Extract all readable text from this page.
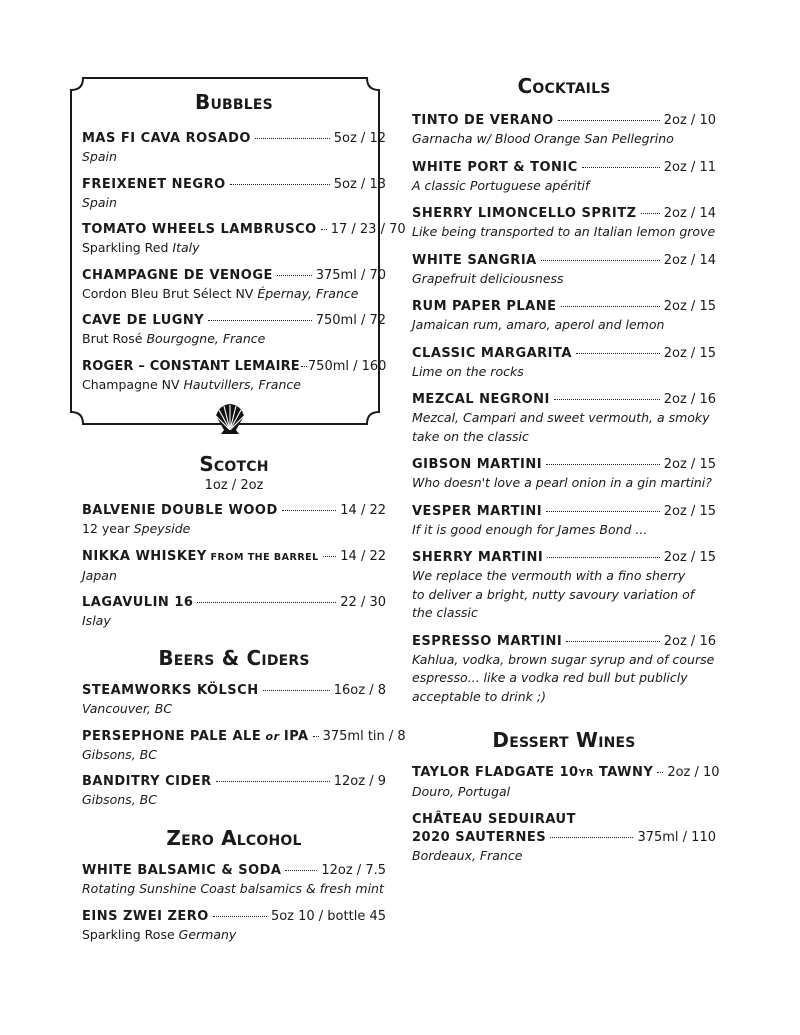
Bubbles
MAS FI CAVA ROSADO	5oz / 12
Spain
FREIXENET NEGRO	5oz / 13
Spain
TOMATO WHEELS LAMBRUSCO 17 / 23 / 70
Sparkling Red Italy
CHAMPAGNE DE VENOGE	375ml / 70
Cordon Bleu Brut Sélect NV Épernay, France
CAVE DE LUGNY	750ml / 72
Brut Rosé Bourgogne, France
ROGER – CONSTANT LEMAIRE 750ml / 160
Champagne NV Hautvillers, France
Scotch
1oz / 2oz
BALVENIE DOUBLE WOOD	14 / 22
12 year Speyside
NIKKA WHISKEY FROM THE BARREL 14 / 22
Japan
LAGAVULIN 16	22 / 30
Islay
Beers & Ciders
STEAMWORKS KÖLSCH	16oz / 8
Vancouver, BC
PERSEPHONE PALE ALE or IPA 375ml tin / 8
Gibsons, BC
BANDITRY CIDER	12oz / 9
Gibsons, BC
Zero Alcohol
WHITE BALSAMIC & SODA	12oz / 7.5
Rotating Sunshine Coast balsamics & fresh mint
EINS ZWEI ZERO	5oz 10 / bottle 45
Sparkling Rose Germany
Cocktails
TINTO DE VERANO	2oz / 10
Garnacha w/ Blood Orange San Pellegrino
WHITE PORT & TONIC	2oz / 11
A classic Portuguese apéritif
SHERRY LIMONCELLO SPRITZ 2oz / 14
Like being transported to an Italian lemon grove
WHITE SANGRIA	2oz / 14
Grapefruit deliciousness
RUM PAPER PLANE	2oz / 15
Jamaican rum, amaro, aperol and lemon
CLASSIC MARGARITA	2oz / 15
Lime on the rocks
MEZCAL NEGRONI	2oz / 16
Mezcal, Campari and sweet vermouth, a smoky
take on the classic
GIBSON MARTINI	2oz / 15
Who doesn't love a pearl onion in a gin martini?
VESPER MARTINI	2oz / 15
If it is good enough for James Bond ...
SHERRY MARTINI	2oz / 15
We replace the vermouth with a fino sherry
to deliver a bright, nutty savoury variation of
the classic
ESPRESSO MARTINI	2oz / 16
Kahlua, vodka, brown sugar syrup and of course
espresso... like a vodka red bull but publicly
acceptable to drink ;)
Dessert Wines
TAYLOR FLADGATE 10YR TAWNY 2oz / 10
Douro, Portugal
CHÂTEAU SEDUIRAUT
2020 SAUTERNES	375ml / 110
Bordeaux, France
